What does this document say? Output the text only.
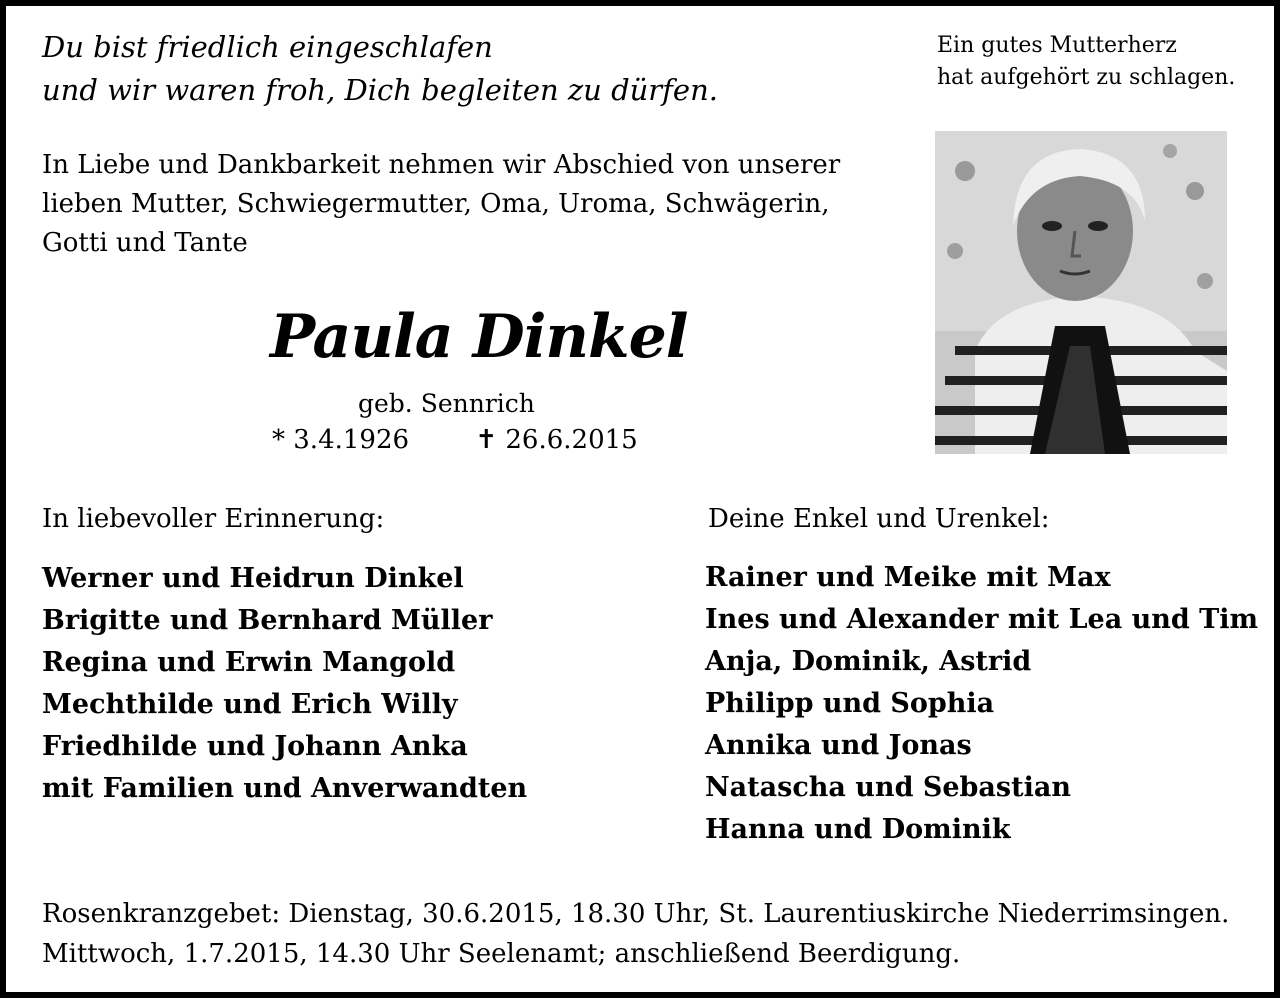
Du bist friedlich eingeschlafen
und wir waren froh, Dich begleiten zu dürfen.
Ein gutes Mutterherz
hat aufgehört zu schlagen.
In Liebe und Dankbarkeit nehmen wir Abschied von unserer
lieben Mutter, Schwiegermutter, Oma, Uroma, Schwägerin,
Gotti und Tante
Paula Dinkel
geb. Sennrich
* 3.4.1926	✝ 26.6.2015
In liebevoller Erinnerung:	Deine Enkel und Urenkel:
Werner und Heidrun Dinkel
Brigitte und Bernhard Müller
Regina und Erwin Mangold
Mechthilde und Erich Willy
Friedhilde und Johann Anka
mit Familien und Anverwandten
Rainer und Meike mit Max
Ines und Alexander mit Lea und Tim
Anja, Dominik, Astrid
Philipp und Sophia
Annika und Jonas
Natascha und Sebastian
Hanna und Dominik
Rosenkranzgebet: Dienstag, 30.6.2015, 18.30 Uhr, St. Laurentiuskirche Niederrimsingen.
Mittwoch, 1.7.2015, 14.30 Uhr Seelenamt; anschließend Beerdigung.
